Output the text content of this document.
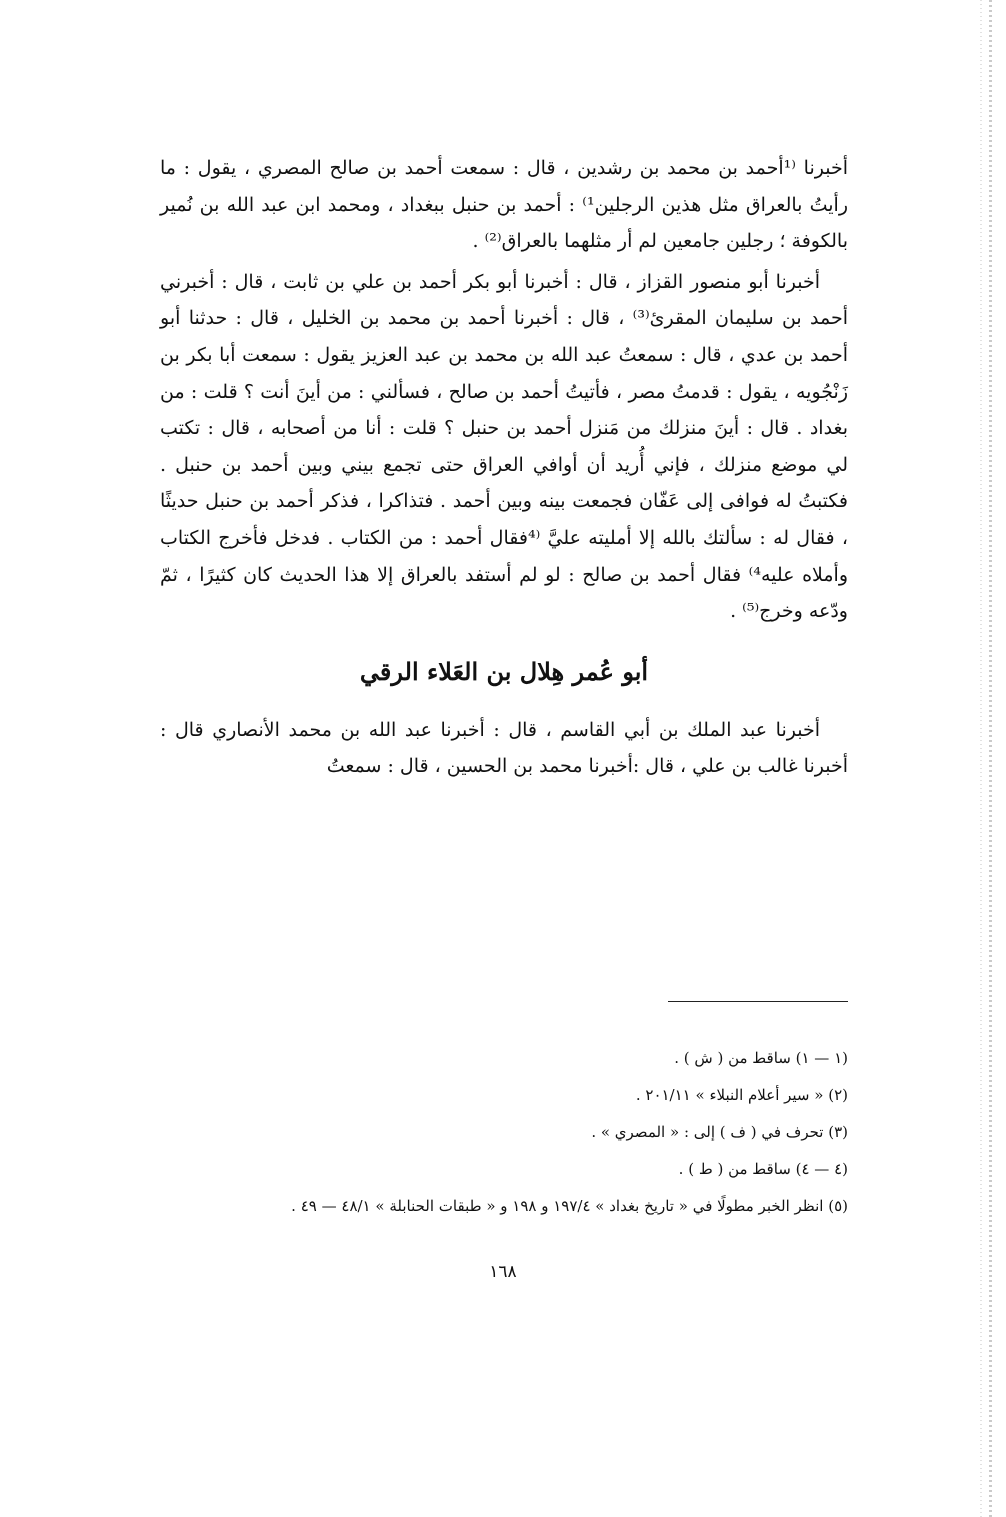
أخبرنا ⁽¹أحمد بن محمد بن رشدين ، قال : سمعت أحمد بن صالح المصري ، يقول : ما رأيتُ بالعراق مثل هذين الرجلين¹⁾ : أحمد بن حنبل ببغداد ، ومحمد ابن عبد الله بن نُمير بالكوفة ؛ رجلين جامعين لم أر مثلهما بالعراق⁽²⁾ .

أخبرنا أبو منصور القزاز ، قال : أخبرنا أبو بكر أحمد بن علي بن ثابت ، قال : أخبرني أحمد بن سليمان المقرئ⁽³⁾ ، قال : أخبرنا أحمد بن محمد بن الخليل ، قال : حدثنا أبو أحمد بن عدي ، قال : سمعتُ عبد الله بن محمد بن عبد العزيز يقول : سمعت أبا بكر بن زَنْجُويه ، يقول : قدمتُ مصر ، فأتيتُ أحمد بن صالح ، فسألني : من أينَ أنت ؟ قلت : من بغداد . قال : أينَ منزلك من مَنزل أحمد بن حنبل ؟ قلت : أنا من أصحابه ، قال : تكتب لي موضع منزلك ، فإني أُريد أن أوافي العراق حتى تجمع بيني وبين أحمد بن حنبل . فكتبتُ له فوافى إلى عَفّان فجمعت بينه وبين أحمد . فتذاكرا ، فذكر أحمد بن حنبل حديثًا ، فقال له : سألتك بالله إلا أمليته عليَّ ⁽⁴فقال أحمد : من الكتاب . فدخل فأخرج الكتاب وأملاه عليه⁴⁾ فقال أحمد بن صالح : لو لم أستفد بالعراق إلا هذا الحديث كان كثيرًا ، ثمّ ودّعه وخرج⁽⁵⁾ .

أبو عُمر هِلال بن العَلاء الرقي

أخبرنا عبد الملك بن أبي القاسم ، قال : أخبرنا عبد الله بن محمد الأنصاري قال : أخبرنا غالب بن علي ، قال :أخبرنا محمد بن الحسين ، قال : سمعتُ

(١ — ١) ساقط من ( ش ) .

(٢) « سير أعلام النبلاء » ٢٠١/١١ .

(٣) تحرف في ( ف ) إلى : « المصري » .

(٤ — ٤) ساقط من ( ط ) .

(٥) انظر الخبر مطولًا في « تاريخ بغداد » ١٩٧/٤ و ١٩٨ و « طبقات الحنابلة » ٤٨/١ — ٤٩ .

١٦٨
